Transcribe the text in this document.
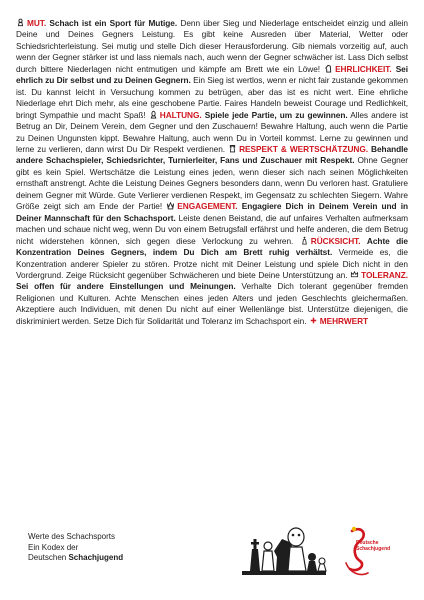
MUT. Schach ist ein Sport für Mutige. Denn über Sieg und Niederlage entscheidet einzig und allein Deine und Deines Gegners Leistung. Es gibt keine Ausreden über Material, Wetter oder Schiedsrichterleistung. Sei mutig und stelle Dich dieser Herausforderung. Gib niemals vorzeitig auf, auch wenn der Gegner stärker ist und lass niemals nach, auch wenn der Gegner schwächer ist. Lass Dich selbst durch bittere Niederlagen nicht entmutigen und kämpfe am Brett wie ein Löwe! EHRLICHKEIT. Sei ehrlich zu Dir selbst und zu Deinen Gegnern. Ein Sieg ist wertlos, wenn er nicht fair zustande gekommen ist. Du kannst leicht in Versuchung kommen zu betrügen, aber das ist es nicht wert. Eine ehrliche Niederlage ehrt Dich mehr, als eine geschobene Partie. Faires Handeln beweist Courage und Redlichkeit, bringt Sympathie und macht Spaß! HALTUNG. Spiele jede Partie, um zu gewinnen. Alles andere ist Betrug an Dir, Deinem Verein, dem Gegner und den Zuschauern! Bewahre Haltung, auch wenn die Partie zu Deinen Ungunsten kippt. Bewahre Haltung, auch wenn Du in Vorteil kommst. Lerne zu gewinnen und lerne zu verlieren, dann wirst Du Dir Respekt verdienen. RESPEKT & WERTSCHÄTZUNG. Behandle andere Schachspieler, Schiedsrichter, Turnierleiter, Fans und Zuschauer mit Respekt. Ohne Gegner gibt es kein Spiel. Wertschätze die Leistung eines jeden, wenn dieser sich nach seinen Möglichkeiten ernsthaft anstrengt. Achte die Leistung Deines Gegners besonders dann, wenn Du verloren hast. Gratuliere deinem Gegner mit Würde. Gute Verlierer verdienen Respekt, im Gegensatz zu schlechten Siegern. Wahre Größe zeigt sich am Ende der Partie! ENGAGEMENT. Engagiere Dich in Deinem Verein und in Deiner Mannschaft für den Schachsport. Leiste denen Beistand, die auf unfaires Verhalten aufmerksam machen und schaue nicht weg, wenn Du von einem Betrugsfall erfährst und helfe anderen, die dem Betrug nicht widerstehen können, sich gegen diese Verlockung zu wehren. RÜCKSICHT. Achte die Konzentration Deines Gegners, indem Du Dich am Brett ruhig verhältst. Vermeide es, die Konzentration anderer Spieler zu stören. Protze nicht mit Deiner Leistung und spiele Dich nicht in den Vordergrund. Zeige Rücksicht gegenüber Schwächeren und biete Deine Unterstützung an. TOLERANZ. Sei offen für andere Einstellungen und Meinungen. Verhalte Dich tolerant gegenüber fremden Religionen und Kulturen. Achte Menschen eines jeden Alters und jeden Geschlechts gleichermaßen. Akzeptiere auch Individuen, mit denen Du nicht auf einer Wellenlänge bist. Unterstütze diejenigen, die diskriminiert werden. Setze Dich für Solidarität und Toleranz im Schachsport ein. MEHRWERT
Werte des Schachsports
Ein Kodex der
Deutschen Schachjugend
Deutsche
Schachjugend
